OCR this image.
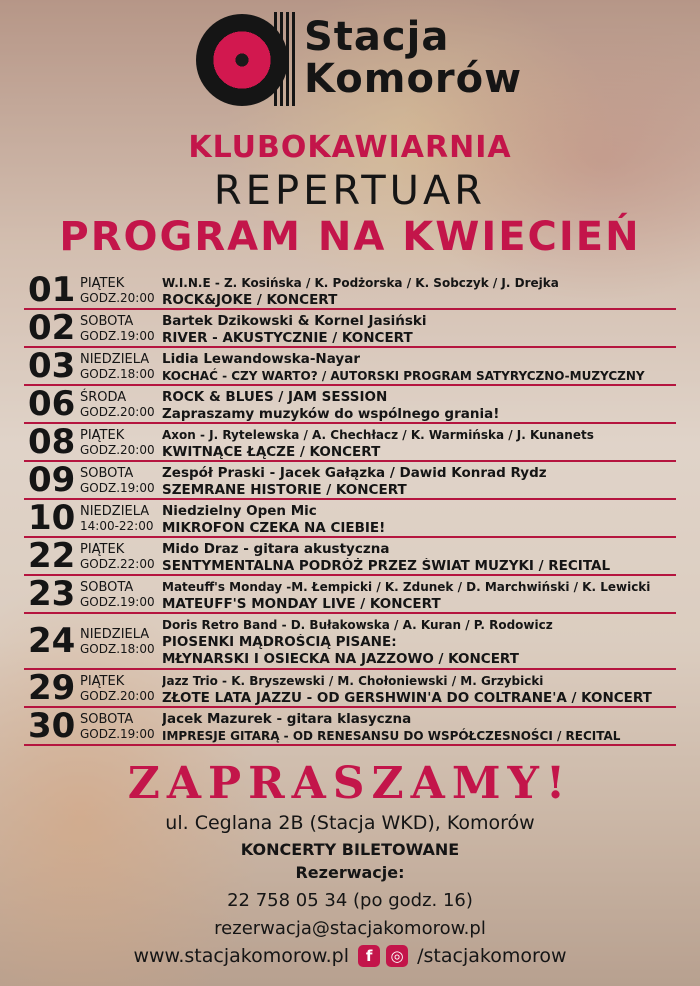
Stacja
Komorów
KLUBOKAWIARNIA
REPERTUAR
PROGRAM NA KWIECIEŃ
01 PIĄTEK
GODZ.20:00
W.I.N.E - Z. Kosińska / K. Podżorska / K. Sobczyk / J. Drejka
ROCK&JOKE / KONCERT
02 SOBOTA
GODZ.19:00
Bartek Dzikowski & Kornel Jasiński
RIVER - AKUSTYCZNIE / KONCERT
03 NIEDZIELA
GODZ.18:00
Lidia Lewandowska-Nayar
KOCHAĆ - CZY WARTO? / AUTORSKI PROGRAM SATYRYCZNO-MUZYCZNY
06 ŚRODA
GODZ.20:00
ROCK & BLUES / JAM SESSION
Zapraszamy muzyków do wspólnego grania!
08 PIĄTEK
GODZ.20:00
Axon - J. Rytelewska / A. Chechłacz / K. Warmińska / J. Kunanets
KWITNĄCE ŁĄCZE / KONCERT
09 SOBOTA
GODZ.19:00
Zespół Praski - Jacek Gałązka / Dawid Konrad Rydz
SZEMRANE HISTORIE / KONCERT
10 NIEDZIELA
14:00-22:00
Niedzielny Open Mic
MIKROFON CZEKA NA CIEBIE!
22 PIĄTEK
GODZ.22:00
Mido Draz - gitara akustyczna
SENTYMENTALNA PODRÓŻ PRZEZ ŚWIAT MUZYKI / RECITAL
23 SOBOTA
GODZ.19:00
Mateuff's Monday -M. Łempicki / K. Zdunek / D. Marchwiński / K. Lewicki
MATEUFF'S MONDAY LIVE / KONCERT
24 NIEDZIELA
GODZ.18:00
Doris Retro Band - D. Bułakowska / A. Kuran / P. Rodowicz
PIOSENKI MĄDROŚCIĄ PISANE:
MŁYNARSKI I OSIECKA NA JAZZOWO / KONCERT
29 PIĄTEK
GODZ.20:00
Jazz Trio - K. Bryszewski / M. Chołoniewski / M. Grzybicki
ZŁOTE LATA JAZZU - OD GERSHWIN'A DO COLTRANE'A / KONCERT
30 SOBOTA
GODZ.19:00
Jacek Mazurek - gitara klasyczna
IMPRESJE GITARĄ - OD RENESANSU DO WSPÓŁCZESNOŚCI / RECITAL
ZAPRASZAMY!
ul. Ceglana 2B (Stacja WKD), Komorów
KONCERTY BILETOWANE
Rezerwacje:
22 758 05 34 (po godz. 16)
rezerwacja@stacjakomorow.pl
www.stacjakomorow.pl f ◎ /stacjakomorow
